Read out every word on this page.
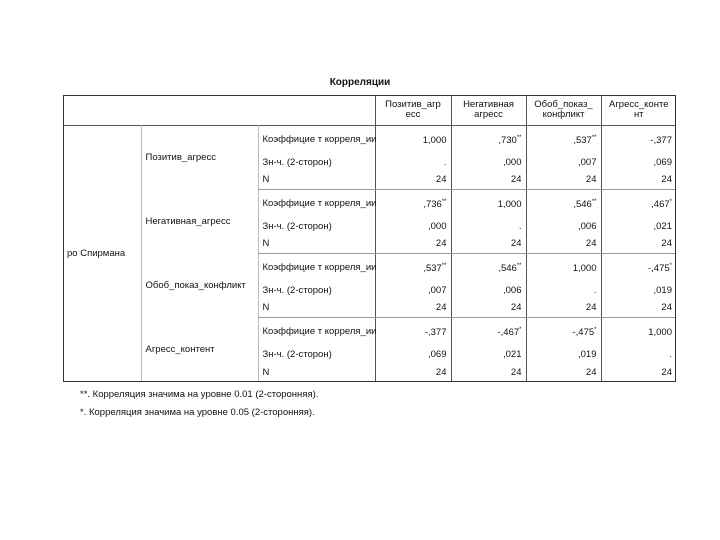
Корреляции
			Позитив_агр есс	Негативная агресс	Обоб_показ_ конфликт	Агресс_конте нт
ро Спирмана	Позитив_агресс	Коэффицие т корреля_ии	1,000	,730**	,537**	-,377
		Зн-ч. (2-сторон)	.	,000	,007	,069
		N	24	24	24	24
	Негативная_агресс	Коэффицие т корреля_ии	,736**	1,000	,546**	,467*
		Зн-ч. (2-сторон)	,000	.	,006	,021
		N	24	24	24	24
	Обоб_показ_конфликт	Коэффицие т корреля_ии	,537**	,546**	1,000	-,475*
		Зн-ч. (2-сторон)	,007	,006	.	,019
		N	24	24	24	24
	Агресс_контент	Коэффицие т корреля_ии	-,377	-,467*	-,475*	1,000
		Зн-ч. (2-сторон)	,069	,021	,019	.
		N	24	24	24	24
**. Корреляция значима на уровне 0.01 (2-сторонняя).
*. Корреляция значима на уровне 0.05 (2-сторонняя).
